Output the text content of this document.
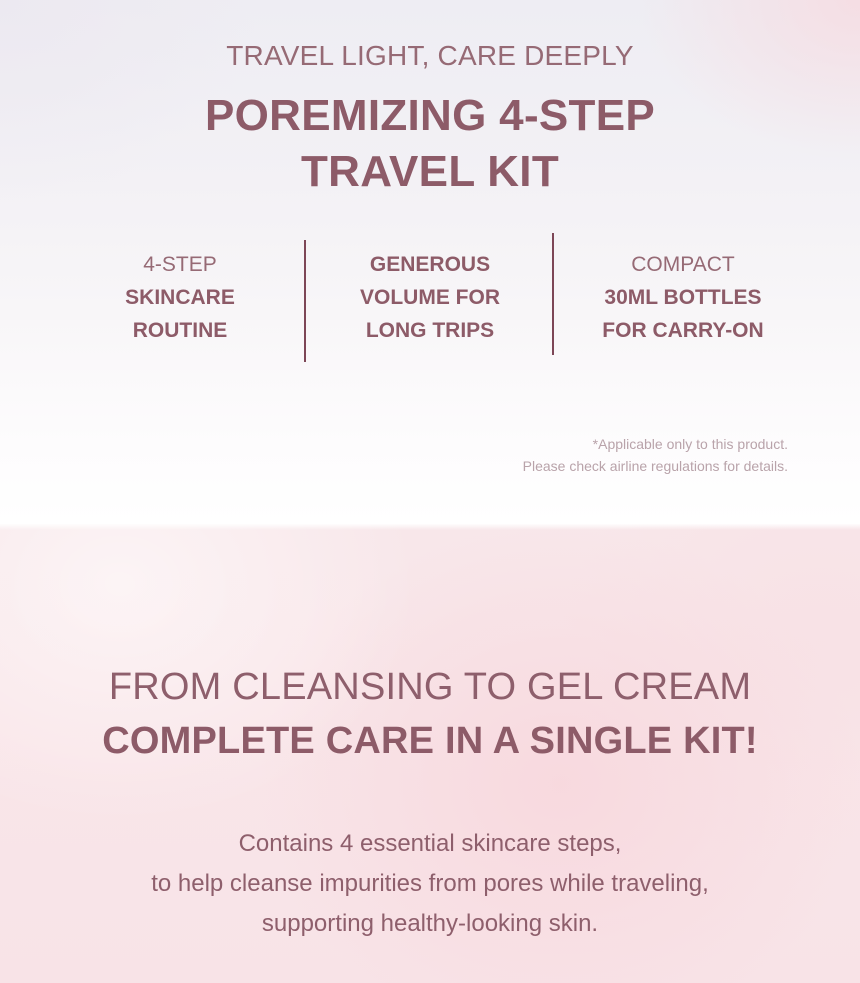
TRAVEL LIGHT, CARE DEEPLY
POREMIZING 4-STEP
TRAVEL KIT
4-STEP
SKINCARE
ROUTINE
GENEROUS
VOLUME FOR
LONG TRIPS
COMPACT
30ML BOTTLES
FOR CARRY-ON
*Applicable only to this product.
Please check airline regulations for details.
FROM CLEANSING TO GEL CREAM
COMPLETE CARE IN A SINGLE KIT!
Contains 4 essential skincare steps,
to help cleanse impurities from pores while traveling,
supporting healthy-looking skin.
